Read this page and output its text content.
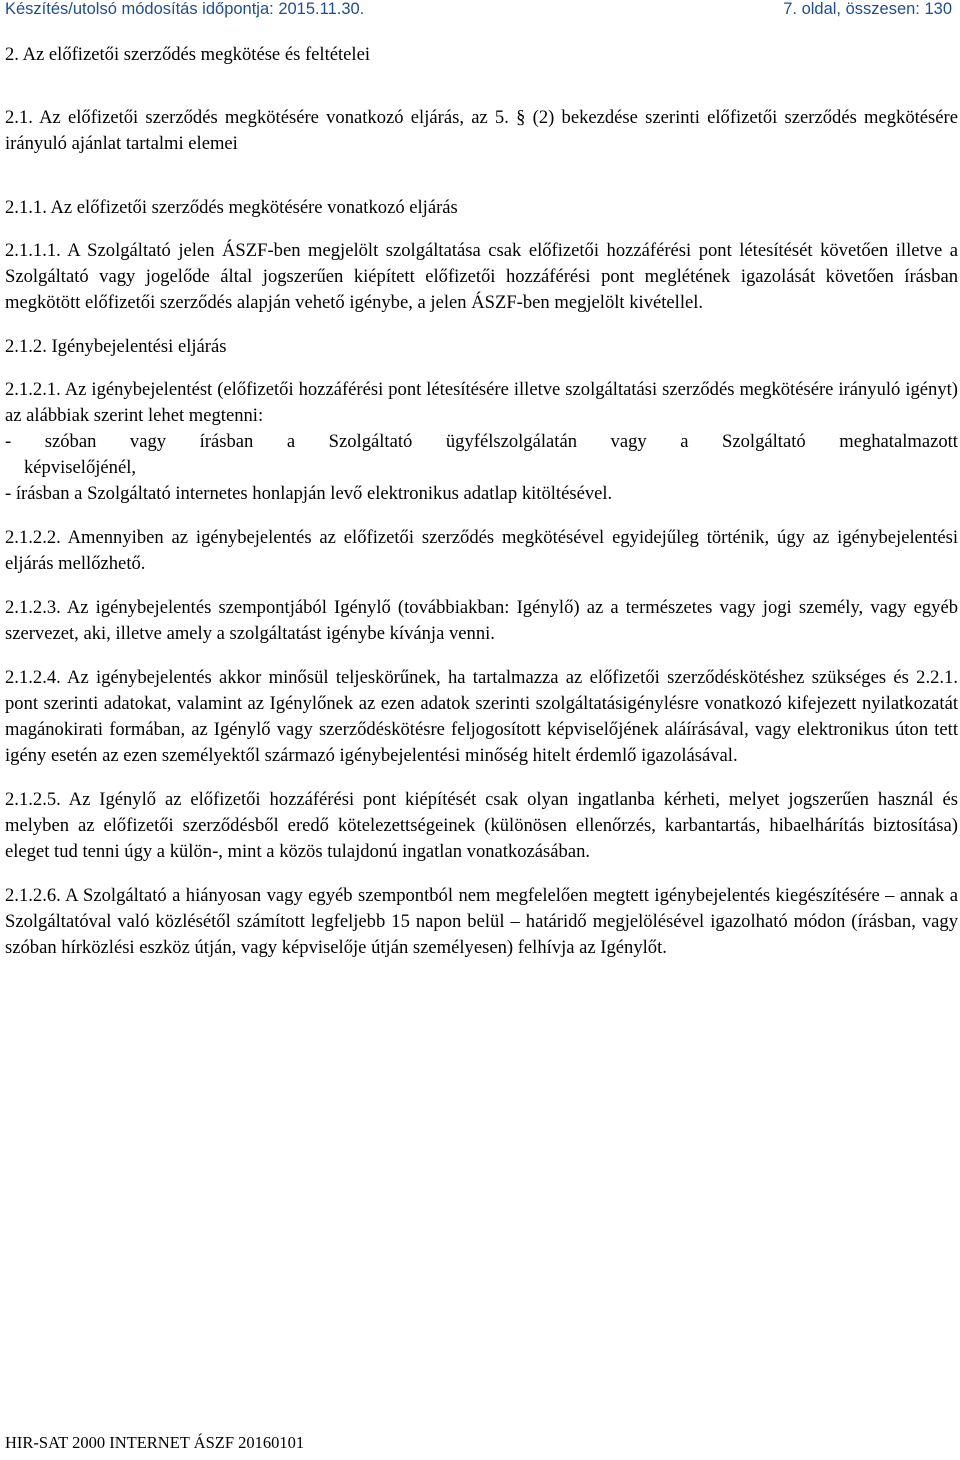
Készítés/utolsó módosítás időpontja: 2015.11.30.	7. oldal, összesen: 130

2. Az előfizetői szerződés megkötése és feltételei

2.1. Az előfizetői szerződés megkötésére vonatkozó eljárás, az 5. § (2) bekezdése szerinti előfizetői szerződés megkötésére irányuló ajánlat tartalmi elemei

2.1.1. Az előfizetői szerződés megkötésére vonatkozó eljárás

2.1.1.1. A Szolgáltató jelen ÁSZF-ben megjelölt szolgáltatása csak előfizetői hozzáférési pont létesítését követően illetve a Szolgáltató vagy jogelőde által jogszerűen kiépített előfizetői hozzáférési pont meglétének igazolását követően írásban megkötött előfizetői szerződés alapján vehető igénybe, a jelen ÁSZF-ben megjelölt kivétellel.

2.1.2. Igénybejelentési eljárás

2.1.2.1. Az igénybejelentést (előfizetői hozzáférési pont létesítésére illetve szolgáltatási szerződés megkötésére irányuló igényt) az alábbiak szerint lehet megtenni:

-	szóban vagy írásban a Szolgáltató ügyfélszolgálatán vagy a Szolgáltató meghatalmazott

képviselőjénél,

- írásban a Szolgáltató internetes honlapján levő elektronikus adatlap kitöltésével.

2.1.2.2. Amennyiben az igénybejelentés az előfizetői szerződés megkötésével egyidejűleg történik, úgy az igénybejelentési eljárás mellőzhető.

2.1.2.3. Az igénybejelentés szempontjából Igénylő (továbbiakban: Igénylő) az a természetes vagy jogi személy, vagy egyéb szervezet, aki, illetve amely a szolgáltatást igénybe kívánja venni.

2.1.2.4. Az igénybejelentés akkor minősül teljeskörűnek, ha tartalmazza az előfizetői szerződéskötéshez szükséges és 2.2.1. pont szerinti adatokat, valamint az Igénylőnek az ezen adatok szerinti szolgáltatásigénylésre vonatkozó kifejezett nyilatkozatát magánokirati formában, az Igénylő vagy szerződéskötésre feljogosított képviselőjének aláírásával, vagy elektronikus úton tett igény esetén az ezen személyektől származó igénybejelentési minőség hitelt érdemlő igazolásával.

2.1.2.5. Az Igénylő az előfizetői hozzáférési pont kiépítését csak olyan ingatlanba kérheti, melyet jogszerűen használ és melyben az előfizetői szerződésből eredő kötelezettségeinek (különösen ellenőrzés, karbantartás, hibaelhárítás biztosítása) eleget tud tenni úgy a külön-, mint a közös tulajdonú ingatlan vonatkozásában.

2.1.2.6. A Szolgáltató a hiányosan vagy egyéb szempontból nem megfelelően megtett igénybejelentés kiegészítésére – annak a Szolgáltatóval való közlésétől számított legfeljebb 15 napon belül – határidő megjelölésével igazolható módon (írásban, vagy szóban hírközlési eszköz útján, vagy képviselője útján személyesen) felhívja az Igénylőt.

HIR-SAT 2000 INTERNET ÁSZF 20160101
